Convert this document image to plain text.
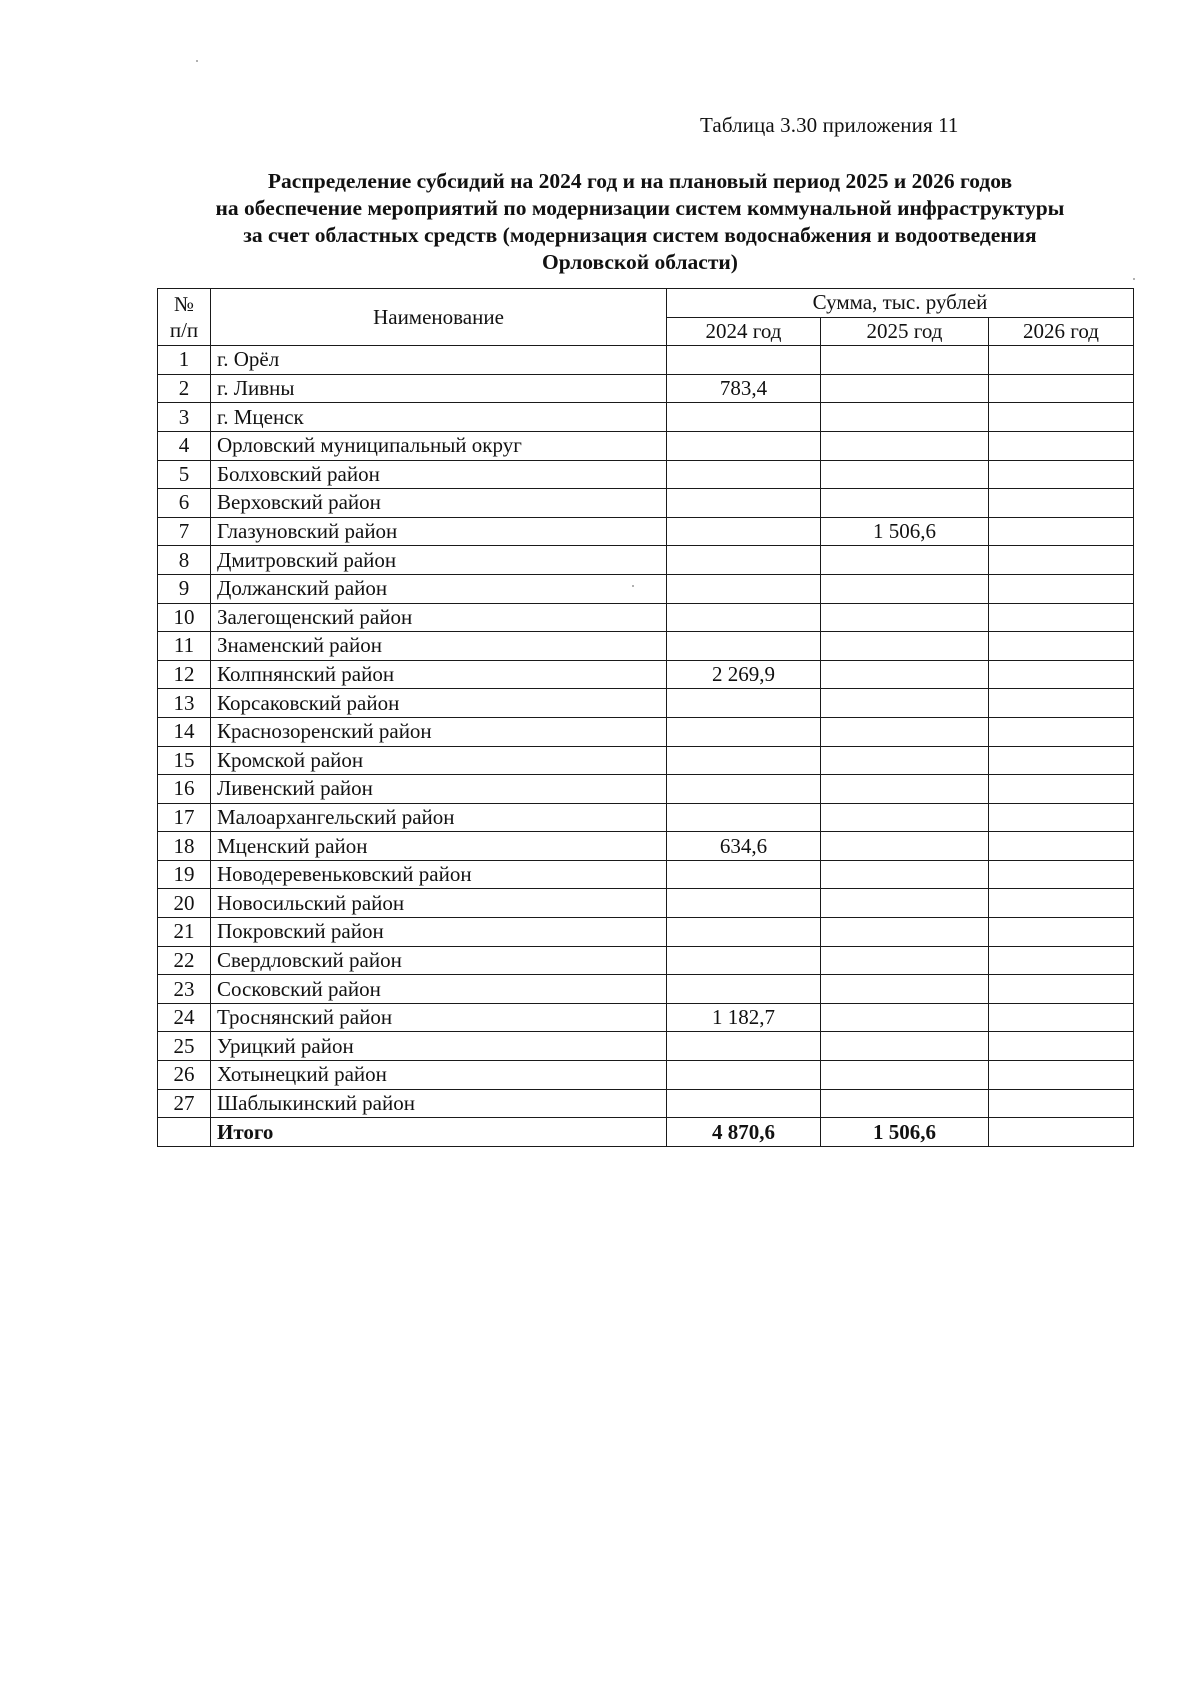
Таблица 3.30 приложения 11
Распределение субсидий на 2024 год и на плановый период 2025 и 2026 годов
на обеспечение мероприятий по модернизации систем коммунальной инфраструктуры
за счет областных средств (модернизация систем водоснабжения и водоотведения
Орловской области)
№
п/п	Наименование	Сумма, тыс. рублей		
		2024 год	2025 год	2026 год
1	г. Орёл			
2	г. Ливны	783,4		
3	г. Мценск			
4	Орловский муниципальный округ			
5	Болховский район			
6	Верховский район			
7	Глазуновский район		1 506,6	
8	Дмитровский район			
9	Должанский район			
10	Залегощенский район			
11	Знаменский район			
12	Колпнянский район	2 269,9		
13	Корсаковский район			
14	Краснозоренский район			
15	Кромской район			
16	Ливенский район			
17	Малоархангельский район			
18	Мценский район	634,6		
19	Новодеревеньковский район			
20	Новосильский район			
21	Покровский район			
22	Свердловский район			
23	Сосковский район			
24	Троснянский район	1 182,7		
25	Урицкий район			
26	Хотынецкий район			
27	Шаблыкинский район			
	Итого	4 870,6	1 506,6	
